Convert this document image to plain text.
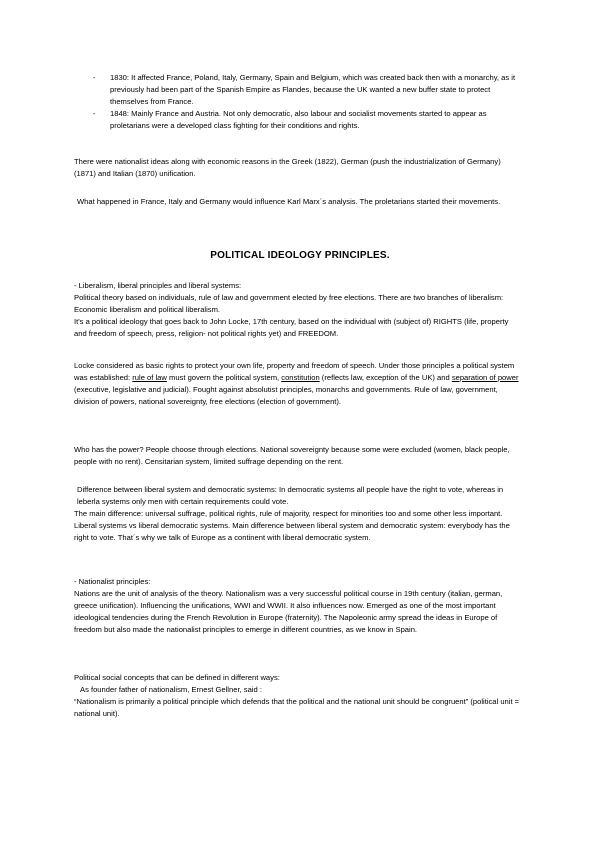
- 1830: It affected France, Poland, Italy, Germany, Spain and Belgium, which was created back then with a monarchy, as it previously had been part of the Spanish Empire as Flandes, because the UK wanted a new buffer state to protect themselves from France.

- 1848: Mainly France and Austria. Not only democratic, also labour and socialist movements started to appear as proletarians were a developed class fighting for their conditions and rights.

There were nationalist ideas along with economic reasons in the Greek (1822), German (push the industrialization of Germany) (1871) and Italian (1870) unification.

What happened in France, Italy and Germany would influence Karl Marx´s analysis. The proletarians started their movements.

POLITICAL IDEOLOGY PRINCIPLES.

- Liberalism, liberal principles and liberal systems:

Political theory based on individuals, rule of law and government elected by free elections. There are two branches of liberalism: Economic liberalism and political liberalism.

It's a political ideology that goes back to John Locke, 17th century, based on the individual with (subject of) RIGHTS (life, property and freedom of speech, press, religion- not political rights yet) and FREEDOM.

Locke considered as basic rights to protect your own life, property and freedom of speech. Under those principles a political system was established: rule of law must govern the political system, constitution (reflects law, exception of the UK) and separation of power (executive, legislative and judicial). Fought against absolutist principles, monarchs and governments. Rule of law, government, division of powers, national sovereignty, free elections (election of government).

Who has the power? People choose through elections. National sovereignty because some were excluded (women, black people, people with no rent). Censitarian system, limited suffrage depending on the rent.

Difference between liberal system and democratic systems: In democratic systems all people have the right to vote, whereas in leberla systems only men with certain requirements could vote.

The main difference: universal suffrage, political rights, rule of majority, respect for minorities too and some other less important.

Liberal systems vs liberal democratic systems. Main difference between liberal system and democratic system: everybody has the right to vote. That´s why we talk of Europe as a continent with liberal democratic system.

- Nationalist principles:

Nations are the unit of analysis of the theory. Nationalism was a very successful political course in 19th century (italian, german, greece unification). Influencing the unifications, WWI and WWII. It also influences now. Emerged as one of the most important ideological tendencies during the French Revolution in Europe (fraternity). The Napoleonic army spread the ideas in Europe of freedom but also made the nationalist principles to emerge in different countries, as we know in Spain.

Political social concepts that can be defined in different ways:

As founder father of nationalism, Ernest Gellner, said :

“Nationalism is primarily a political principle which defends that the political and the national unit should be congruent” (political unit = national unit).
